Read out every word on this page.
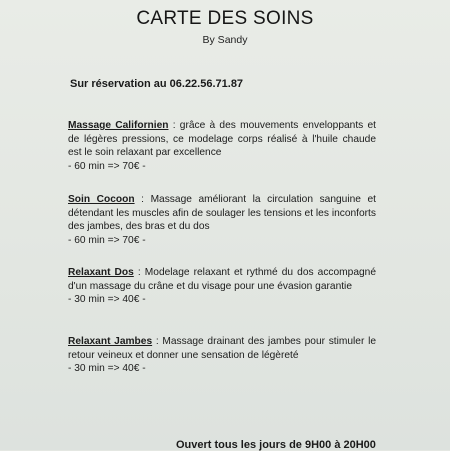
CARTE DES SOINS
By Sandy
Sur réservation au 06.22.56.71.87
Massage Californien : grâce à des mouvements enveloppants et de légères pressions, ce modelage corps réalisé à l'huile chaude est le soin relaxant par excellence
- 60 min => 70€ -
Soin Cocoon : Massage améliorant la circulation sanguine et détendant les muscles afin de soulager les tensions et les inconforts des jambes, des bras et du dos
- 60 min => 70€ -
Relaxant Dos : Modelage relaxant et rythmé du dos accompagné d'un massage du crâne et du visage pour une évasion garantie
- 30 min => 40€ -
Relaxant Jambes : Massage drainant des jambes pour stimuler le retour veineux et donner une sensation de légèreté
- 30 min => 40€ -
Ouvert tous les jours de 9H00 à 20H00
